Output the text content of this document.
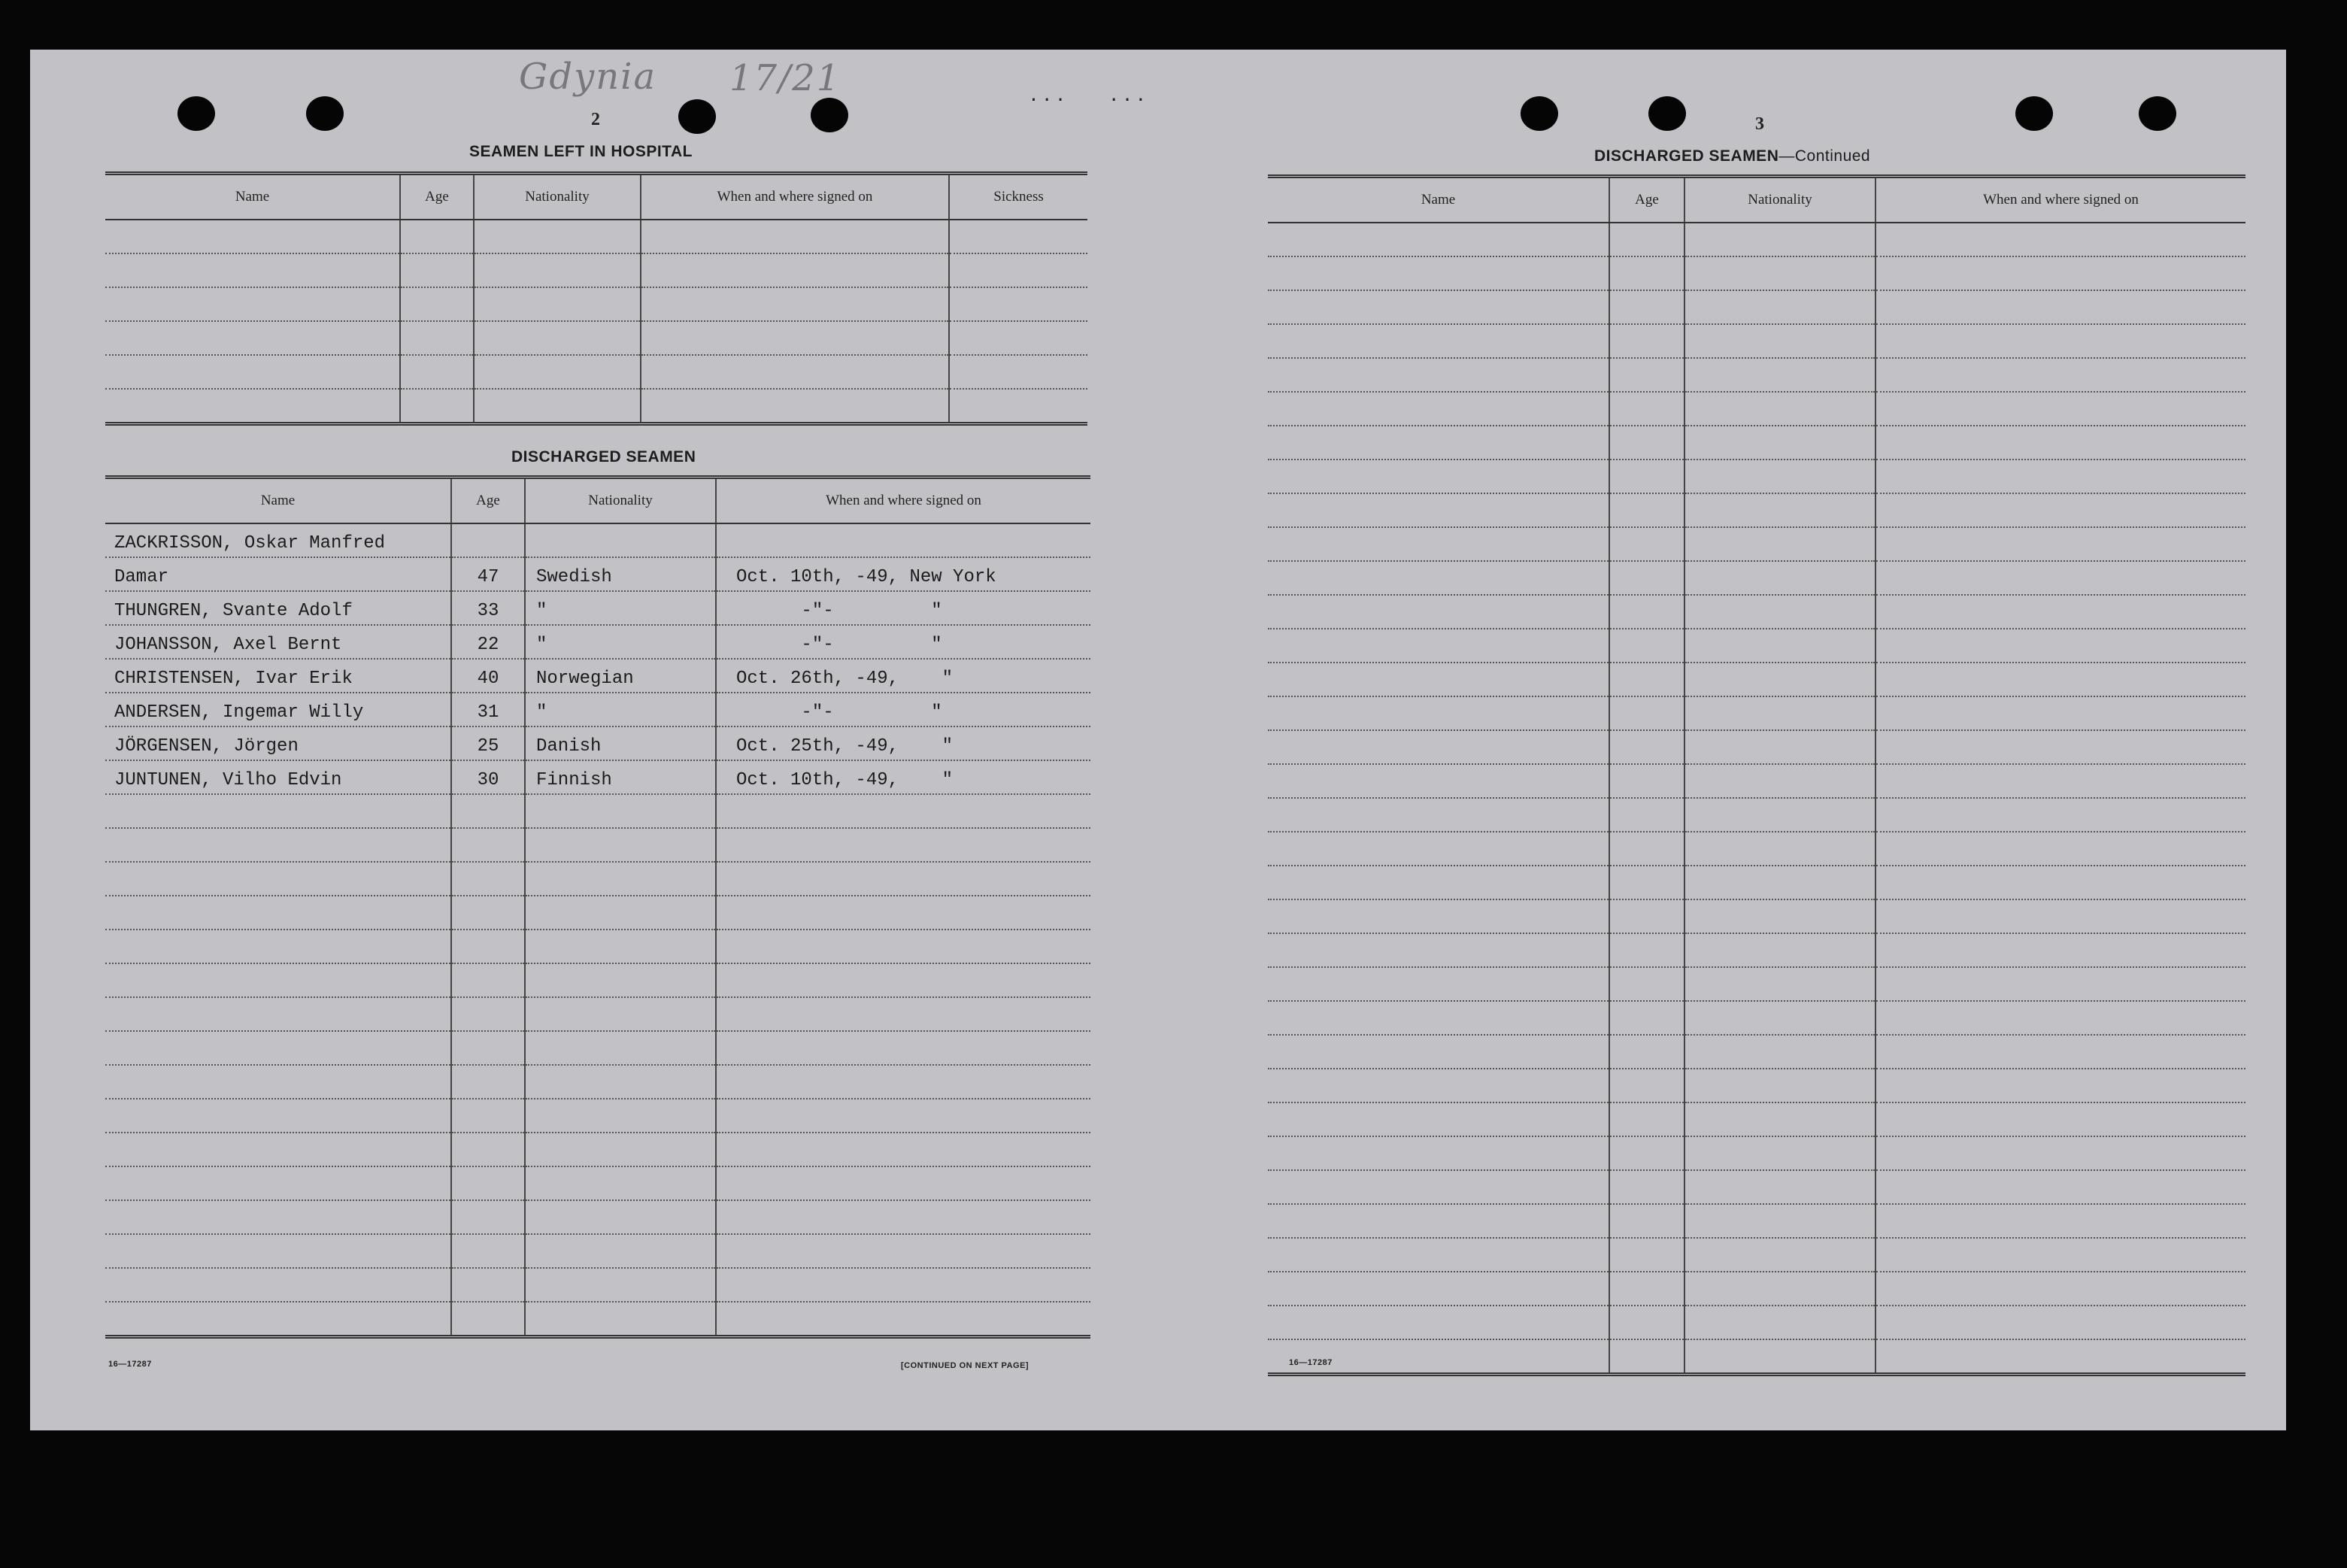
Gdynia 17/21	. . .       . . .
2
SEAMEN LEFT IN HOSPITAL
Name	Age	Nationality	When and where signed on	Sickness

DISCHARGED SEAMEN
Name	Age	Nationality	When and where signed on

ZACKRISSON, Oskar Manfred			

Damar	47	Swedish	Oct. 10th, -49, New York

THUNGREN, Svante Adolf	33	"	-"-         "

JOHANSSON, Axel Bernt	22	"	-"-         "

CHRISTENSEN, Ivar Erik	40	Norwegian	Oct. 26th, -49,    "

ANDERSEN, Ingemar Willy	31	"	-"-         "

JÖRGENSEN, Jörgen	25	Danish	Oct. 25th, -49,    "

JUNTUNEN, Vilho Edvin	30	Finnish	Oct. 10th, -49,    "

16—17287	[CONTINUED ON NEXT PAGE]
3
DISCHARGED SEAMEN—Continued
Name	Age	Nationality	When and where signed on

16—17287
